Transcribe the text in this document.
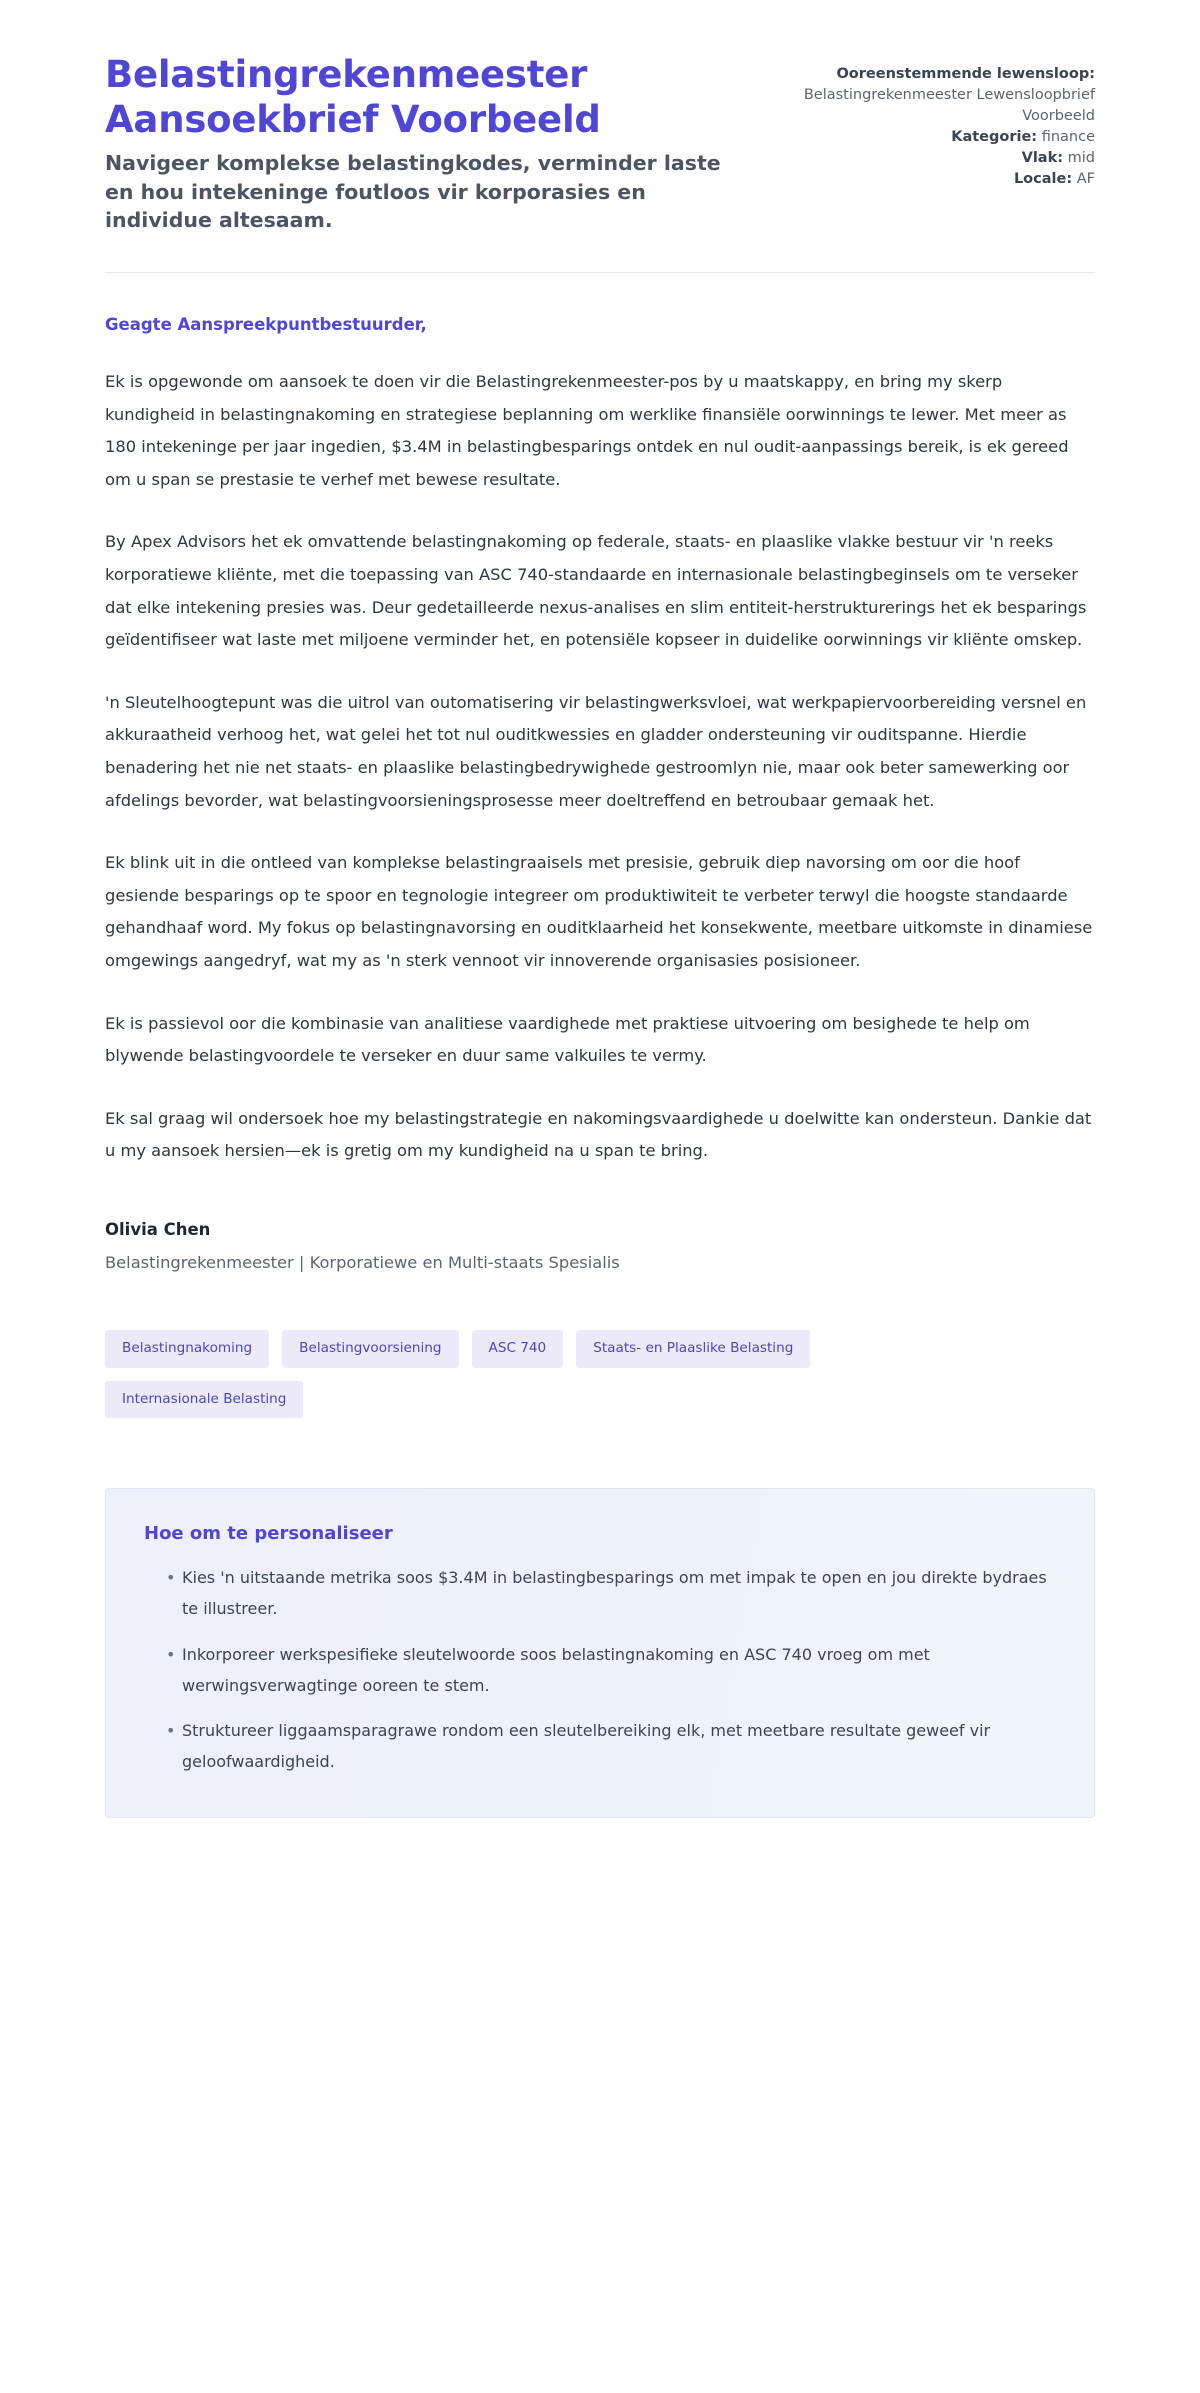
Belastingrekenmeester Aansoekbrief Voorbeeld

Navigeer komplekse belastingkodes, verminder laste en hou intekeninge foutloos vir korporasies en individue altesaam.

Ooreenstemmende lewensloop:
Belastingrekenmeester Lewensloopbrief Voorbeeld
Kategorie: finance
Vlak: mid
Locale: AF
Geagte Aanspreekpuntbestuurder,

Ek is opgewonde om aansoek te doen vir die Belastingrekenmeester-pos by u maatskappy, en bring my skerp kundigheid in belastingnakoming en strategiese beplanning om werklike finansiële oorwinnings te lewer. Met meer as 180 intekeninge per jaar ingedien, $3.4M in belastingbesparings ontdek en nul oudit-aanpassings bereik, is ek gereed om u span se prestasie te verhef met bewese resultate.

By Apex Advisors het ek omvattende belastingnakoming op federale, staats- en plaaslike vlakke bestuur vir 'n reeks korporatiewe kliënte, met die toepassing van ASC 740-standaarde en internasionale belastingbeginsels om te verseker dat elke intekening presies was. Deur gedetailleerde nexus-analises en slim entiteit-herstrukturerings het ek besparings geïdentifiseer wat laste met miljoene verminder het, en potensiële kopseer in duidelike oorwinnings vir kliënte omskep.

'n Sleutelhoogtepunt was die uitrol van outomatisering vir belastingwerksvloei, wat werkpapiervoorbereiding versnel en akkuraatheid verhoog het, wat gelei het tot nul ouditkwessies en gladder ondersteuning vir ouditspanne. Hierdie benadering het nie net staats- en plaaslike belastingbedrywighede gestroomlyn nie, maar ook beter samewerking oor afdelings bevorder, wat belastingvoorsieningsprosesse meer doeltreffend en betroubaar gemaak het.

Ek blink uit in die ontleed van komplekse belastingraaisels met presisie, gebruik diep navorsing om oor die hoof gesiende besparings op te spoor en tegnologie integreer om produktiwiteit te verbeter terwyl die hoogste standaarde gehandhaaf word. My fokus op belastingnavorsing en ouditklaarheid het konsekwente, meetbare uitkomste in dinamiese omgewings aangedryf, wat my as 'n sterk vennoot vir innoverende organisasies posisioneer.

Ek is passievol oor die kombinasie van analitiese vaardighede met praktiese uitvoering om besighede te help om blywende belastingvoordele te verseker en duur same valkuiles te vermy.

Ek sal graag wil ondersoek hoe my belastingstrategie en nakomingsvaardighede u doelwitte kan ondersteun. Dankie dat u my aansoek hersien—ek is gretig om my kundigheid na u span te bring.

Olivia Chen
Belastingrekenmeester | Korporatiewe en Multi-staats Spesialis
Belastingnakoming	Belastingvoorsiening	ASC 740	Staats- en Plaaslike Belasting
Internasionale Belasting
Hoe om te personaliseer
• Kies 'n uitstaande metrika soos $3.4M in belastingbesparings om met impak te open en jou direkte bydraes te illustreer.
• Inkorporeer werkspesifieke sleutelwoorde soos belastingnakoming en ASC 740 vroeg om met werwingsverwagtinge ooreen te stem.
• Struktureer liggaamsparagrawe rondom een sleutelbereiking elk, met meetbare resultate geweef vir geloofwaardigheid.
